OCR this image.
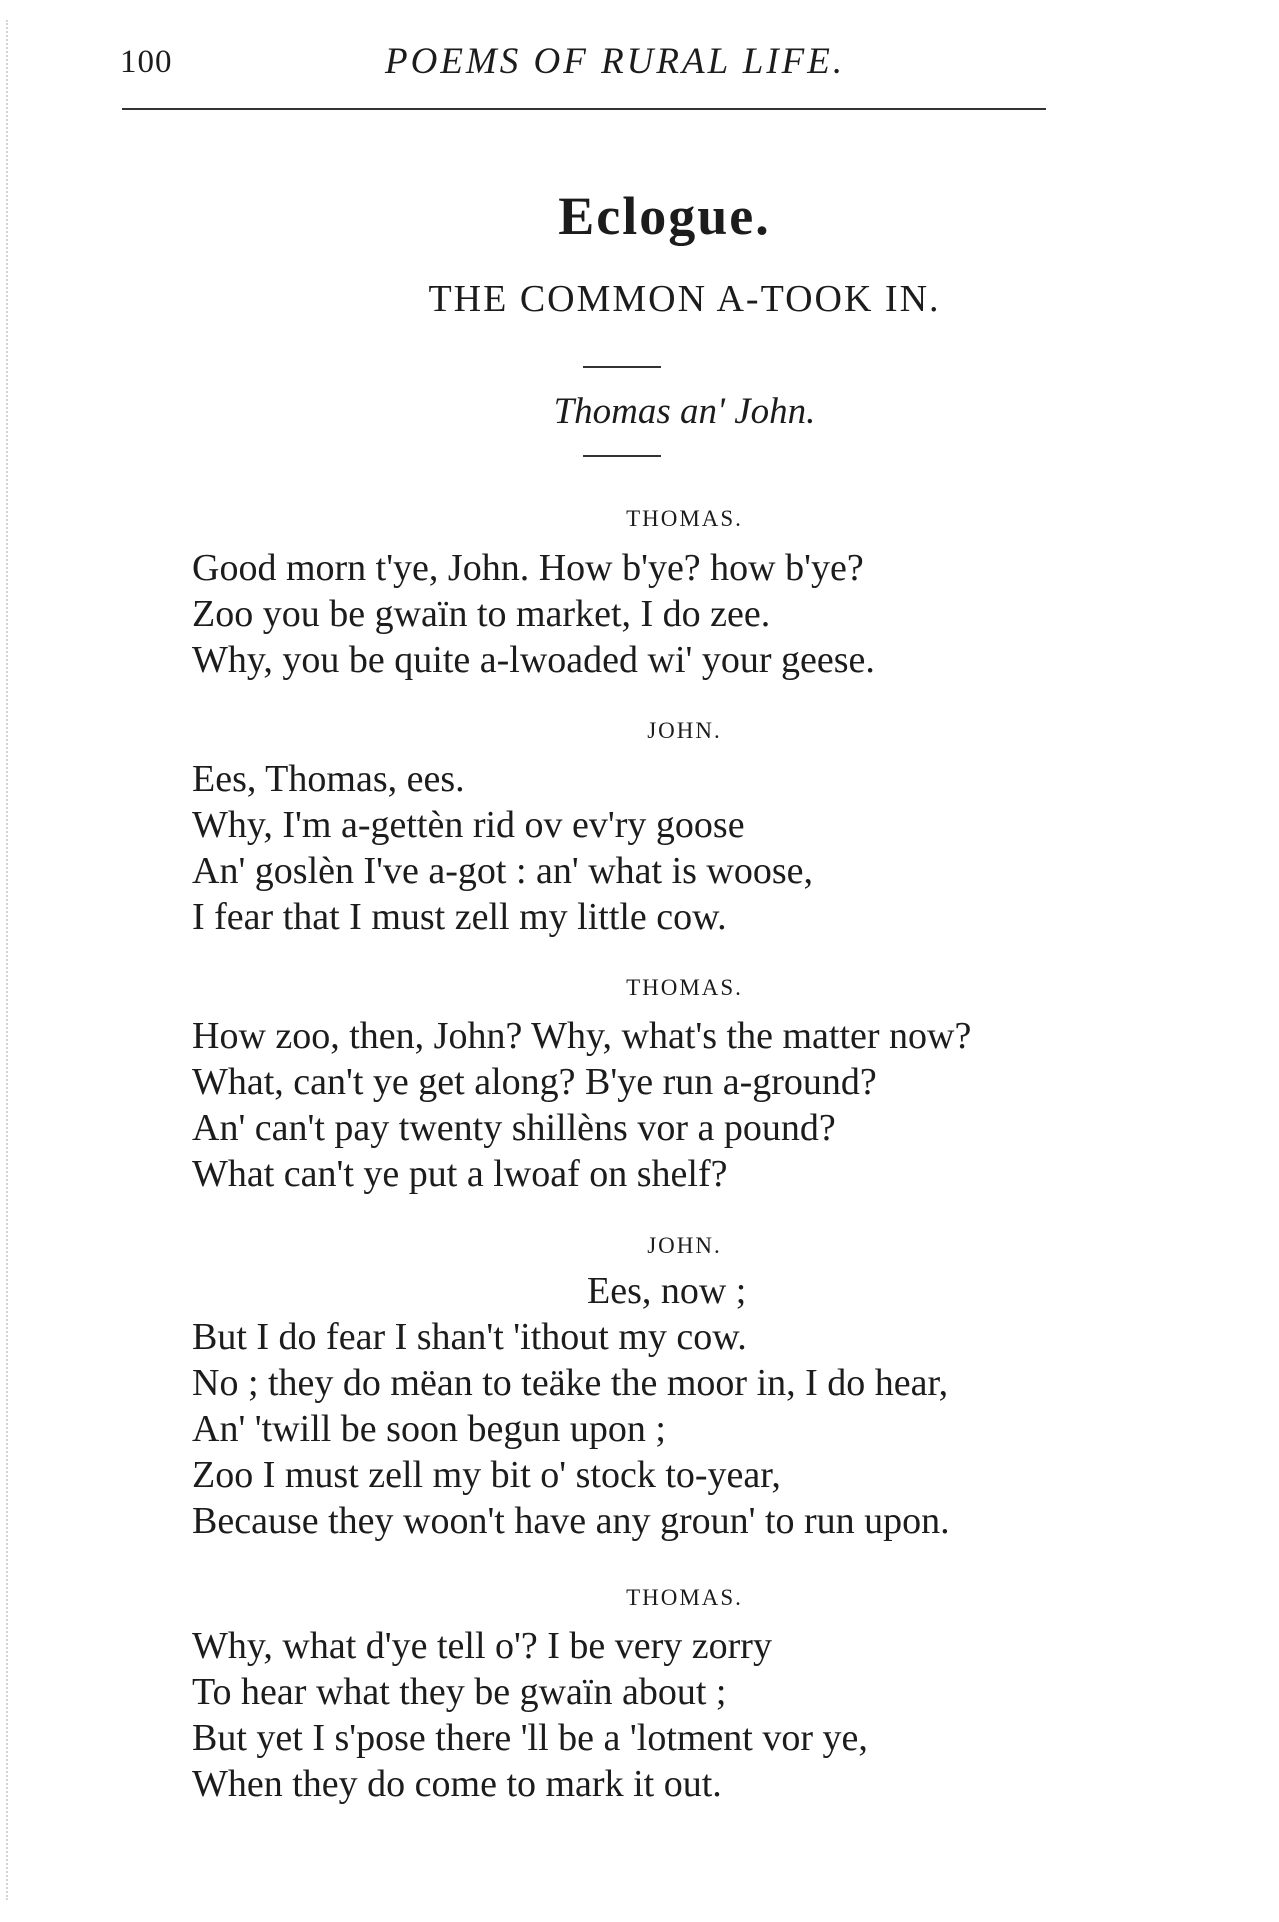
100	POEMS OF RURAL LIFE.
Eclogue.
THE COMMON A-TOOK IN.
Thomas an' John.
THOMAS.
Good morn t'ye, John. How b'ye? how b'ye?
Zoo you be gwaïn to market, I do zee.
Why, you be quite a-lwoaded wi' your geese.
JOHN.
Ees, Thomas, ees.
Why, I'm a-gettèn rid ov ev'ry goose
An' goslèn I've a-got : an' what is woose,
I fear that I must zell my little cow.
THOMAS.
How zoo, then, John? Why, what's the matter now?
What, can't ye get along? B'ye run a-ground?
An' can't pay twenty shillèns vor a pound?
What can't ye put a lwoaf on shelf?
JOHN.
Ees, now ;
But I do fear I shan't 'ithout my cow.
No ; they do mëan to teäke the moor in, I do hear,
An' 'twill be soon begun upon ;
Zoo I must zell my bit o' stock to-year,
Because they woon't have any groun' to run upon.
THOMAS.
Why, what d'ye tell o'? I be very zorry
To hear what they be gwaïn about ;
But yet I s'pose there 'll be a 'lotment vor ye,
When they do come to mark it out.
